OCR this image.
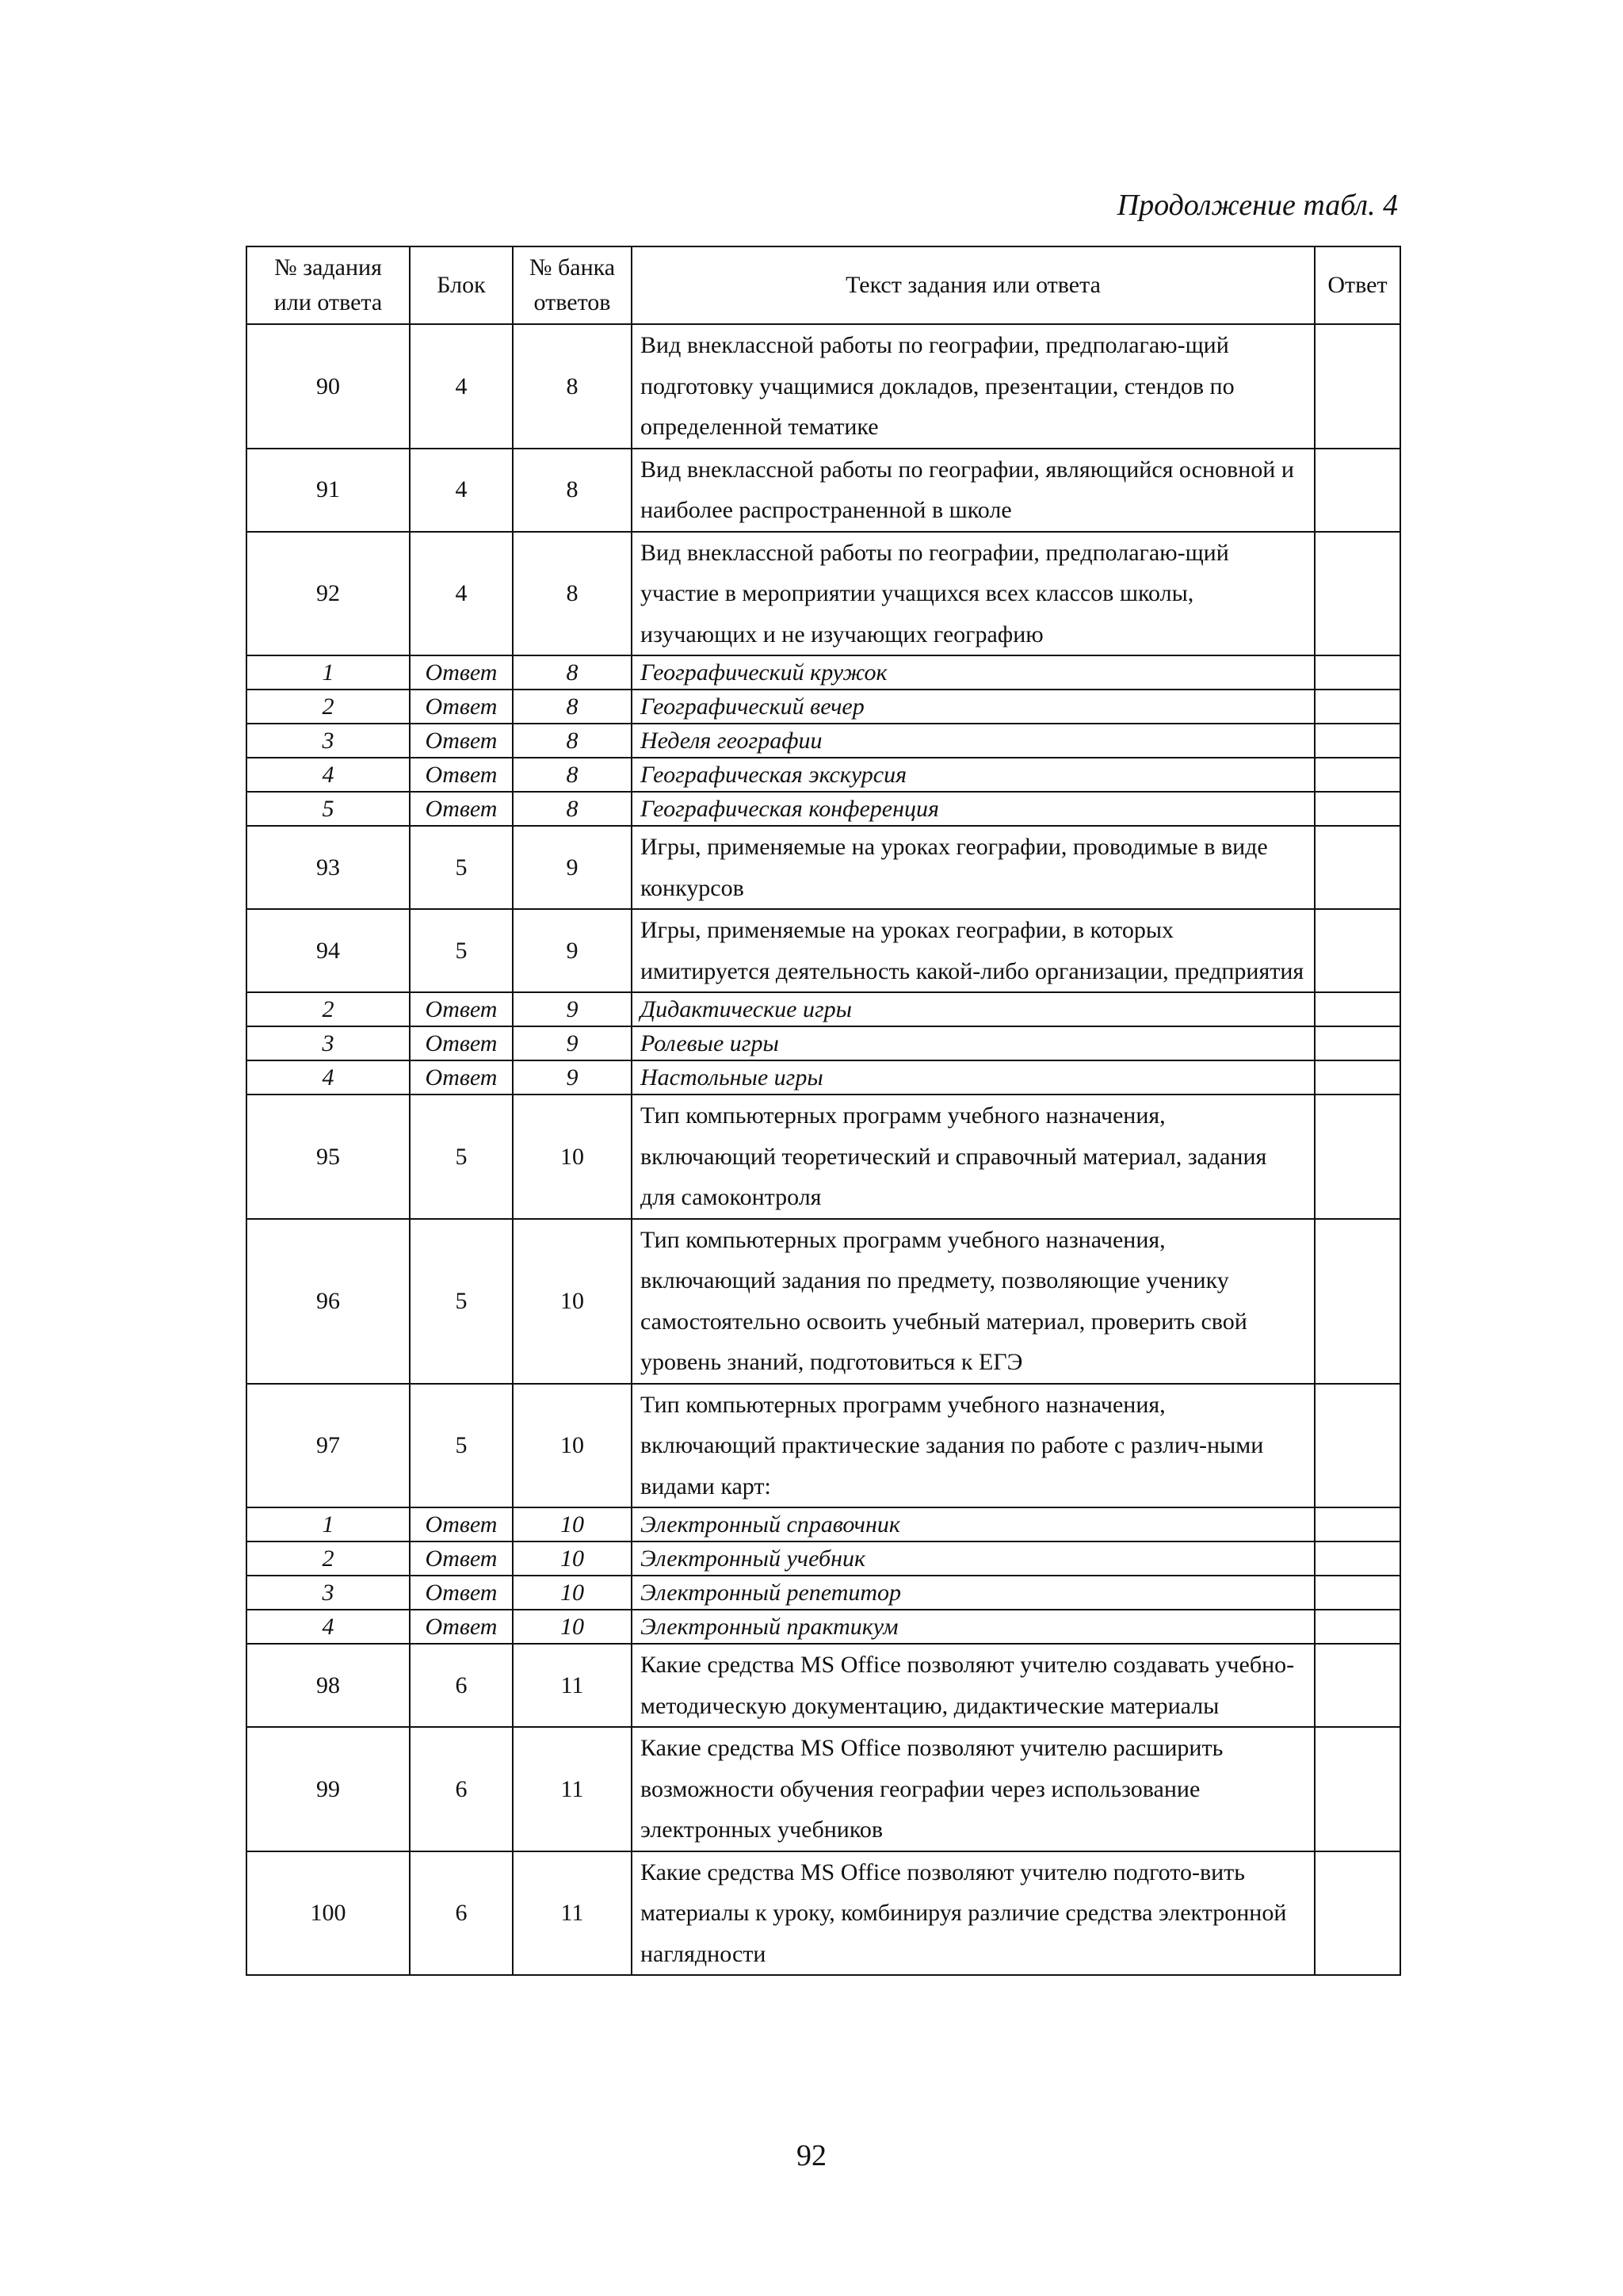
Продолжение табл. 4
№ задания или ответа	Блок	№ банка ответов	Текст задания или ответа	Ответ
90	4	8	Вид внеклассной работы по географии, предполагаю-щий подготовку учащимися докладов, презентации, стендов по определенной тематике	
91	4	8	Вид внеклассной работы по географии, являющийся основной и наиболее распространенной в школе	
92	4	8	Вид внеклассной работы по географии, предполагаю-щий участие в мероприятии учащихся всех классов школы, изучающих и не изучающих географию	
1	Ответ	8	Географический кружок	
2	Ответ	8	Географический вечер	
3	Ответ	8	Неделя географии	
4	Ответ	8	Географическая экскурсия	
5	Ответ	8	Географическая конференция	
93	5	9	Игры, применяемые на уроках географии, проводимые в виде конкурсов	
94	5	9	Игры, применяемые на уроках географии, в которых имитируется деятельность какой-либо организации, предприятия	
2	Ответ	9	Дидактические игры	
3	Ответ	9	Ролевые игры	
4	Ответ	9	Настольные игры	
95	5	10	Тип компьютерных программ учебного назначения, включающий теоретический и справочный материал, задания для самоконтроля	
96	5	10	Тип компьютерных программ учебного назначения, включающий задания по предмету, позволяющие ученику самостоятельно освоить учебный материал, проверить свой уровень знаний, подготовиться к ЕГЭ	
97	5	10	Тип компьютерных программ учебного назначения, включающий практические задания по работе с различ-ными видами карт:	
1	Ответ	10	Электронный справочник	
2	Ответ	10	Электронный учебник	
3	Ответ	10	Электронный репетитор	
4	Ответ	10	Электронный практикум	
98	6	11	Какие средства MS Office позволяют учителю создавать учебно-методическую документацию, дидактические материалы	
99	6	11	Какие средства MS Office позволяют учителю расширить возможности обучения географии через использование электронных учебников	
100	6	11	Какие средства MS Office позволяют учителю подгото-вить материалы к уроку, комбинируя различие средства электронной наглядности	
92
